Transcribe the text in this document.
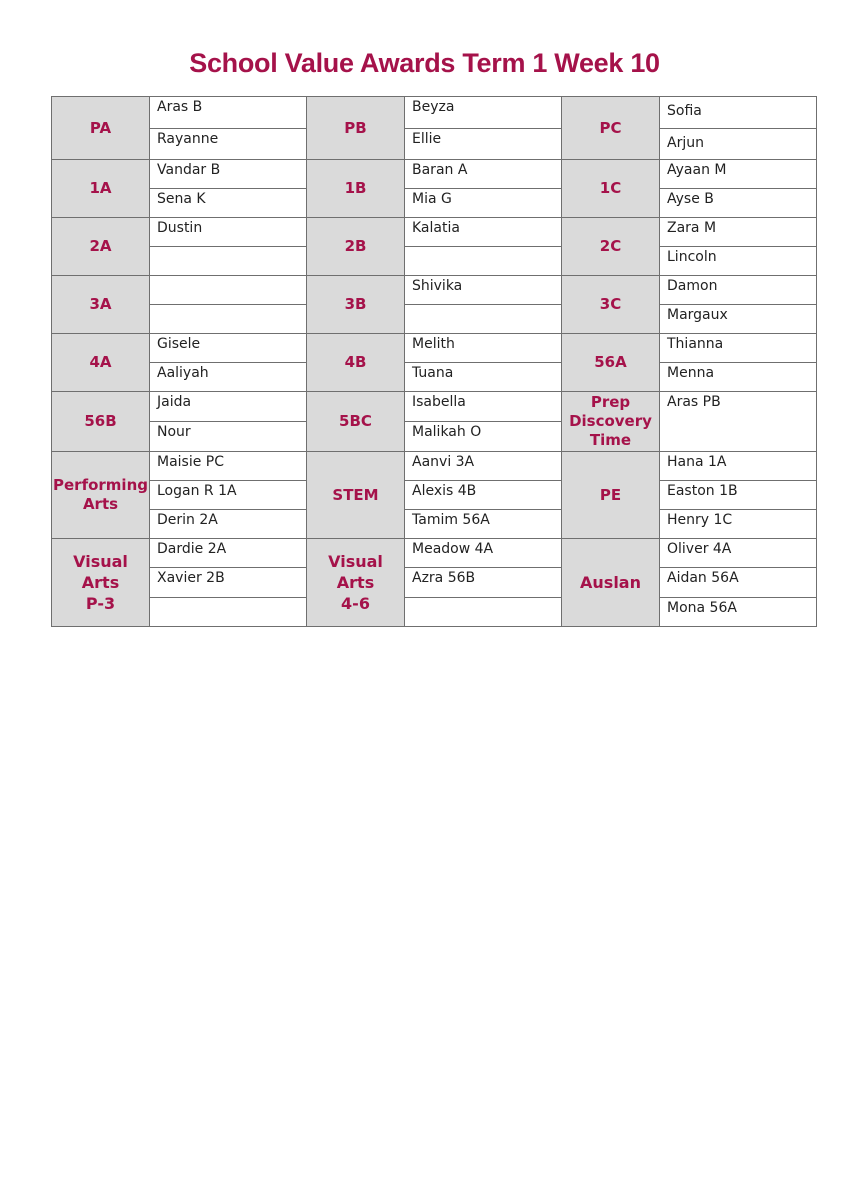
School Value Awards Term 1 Week 10
PA
Aras B
Rayanne
PB
Beyza
Ellie
PC
Sofia
Arjun
1A
Vandar B
Sena K
1B
Baran A
Mia G
1C
Ayaan M
Ayse B
2A
Dustin
2B
Kalatia
2C
Zara M
Lincoln
3A	3B
Shivika
3C
Damon
Margaux
4A
Gisele
Aaliyah
4B
Melith
Tuana
56A
Thianna
Menna
56B
Jaida
Nour
5BC
Isabella
Malikah O
Prep
Discovery
Time
Aras PB
Performing
Arts
Maisie PC
Logan R 1A
Derin 2A
STEM
Aanvi 3A
Alexis 4B
Tamim 56A
PE
Hana 1A
Easton 1B
Henry 1C
Visual
Arts
P-3
Dardie 2A
Xavier 2B
Visual
Arts
4-6
Meadow 4A
Azra 56B	Auslan
Oliver 4A
Aidan 56A
Mona 56A
